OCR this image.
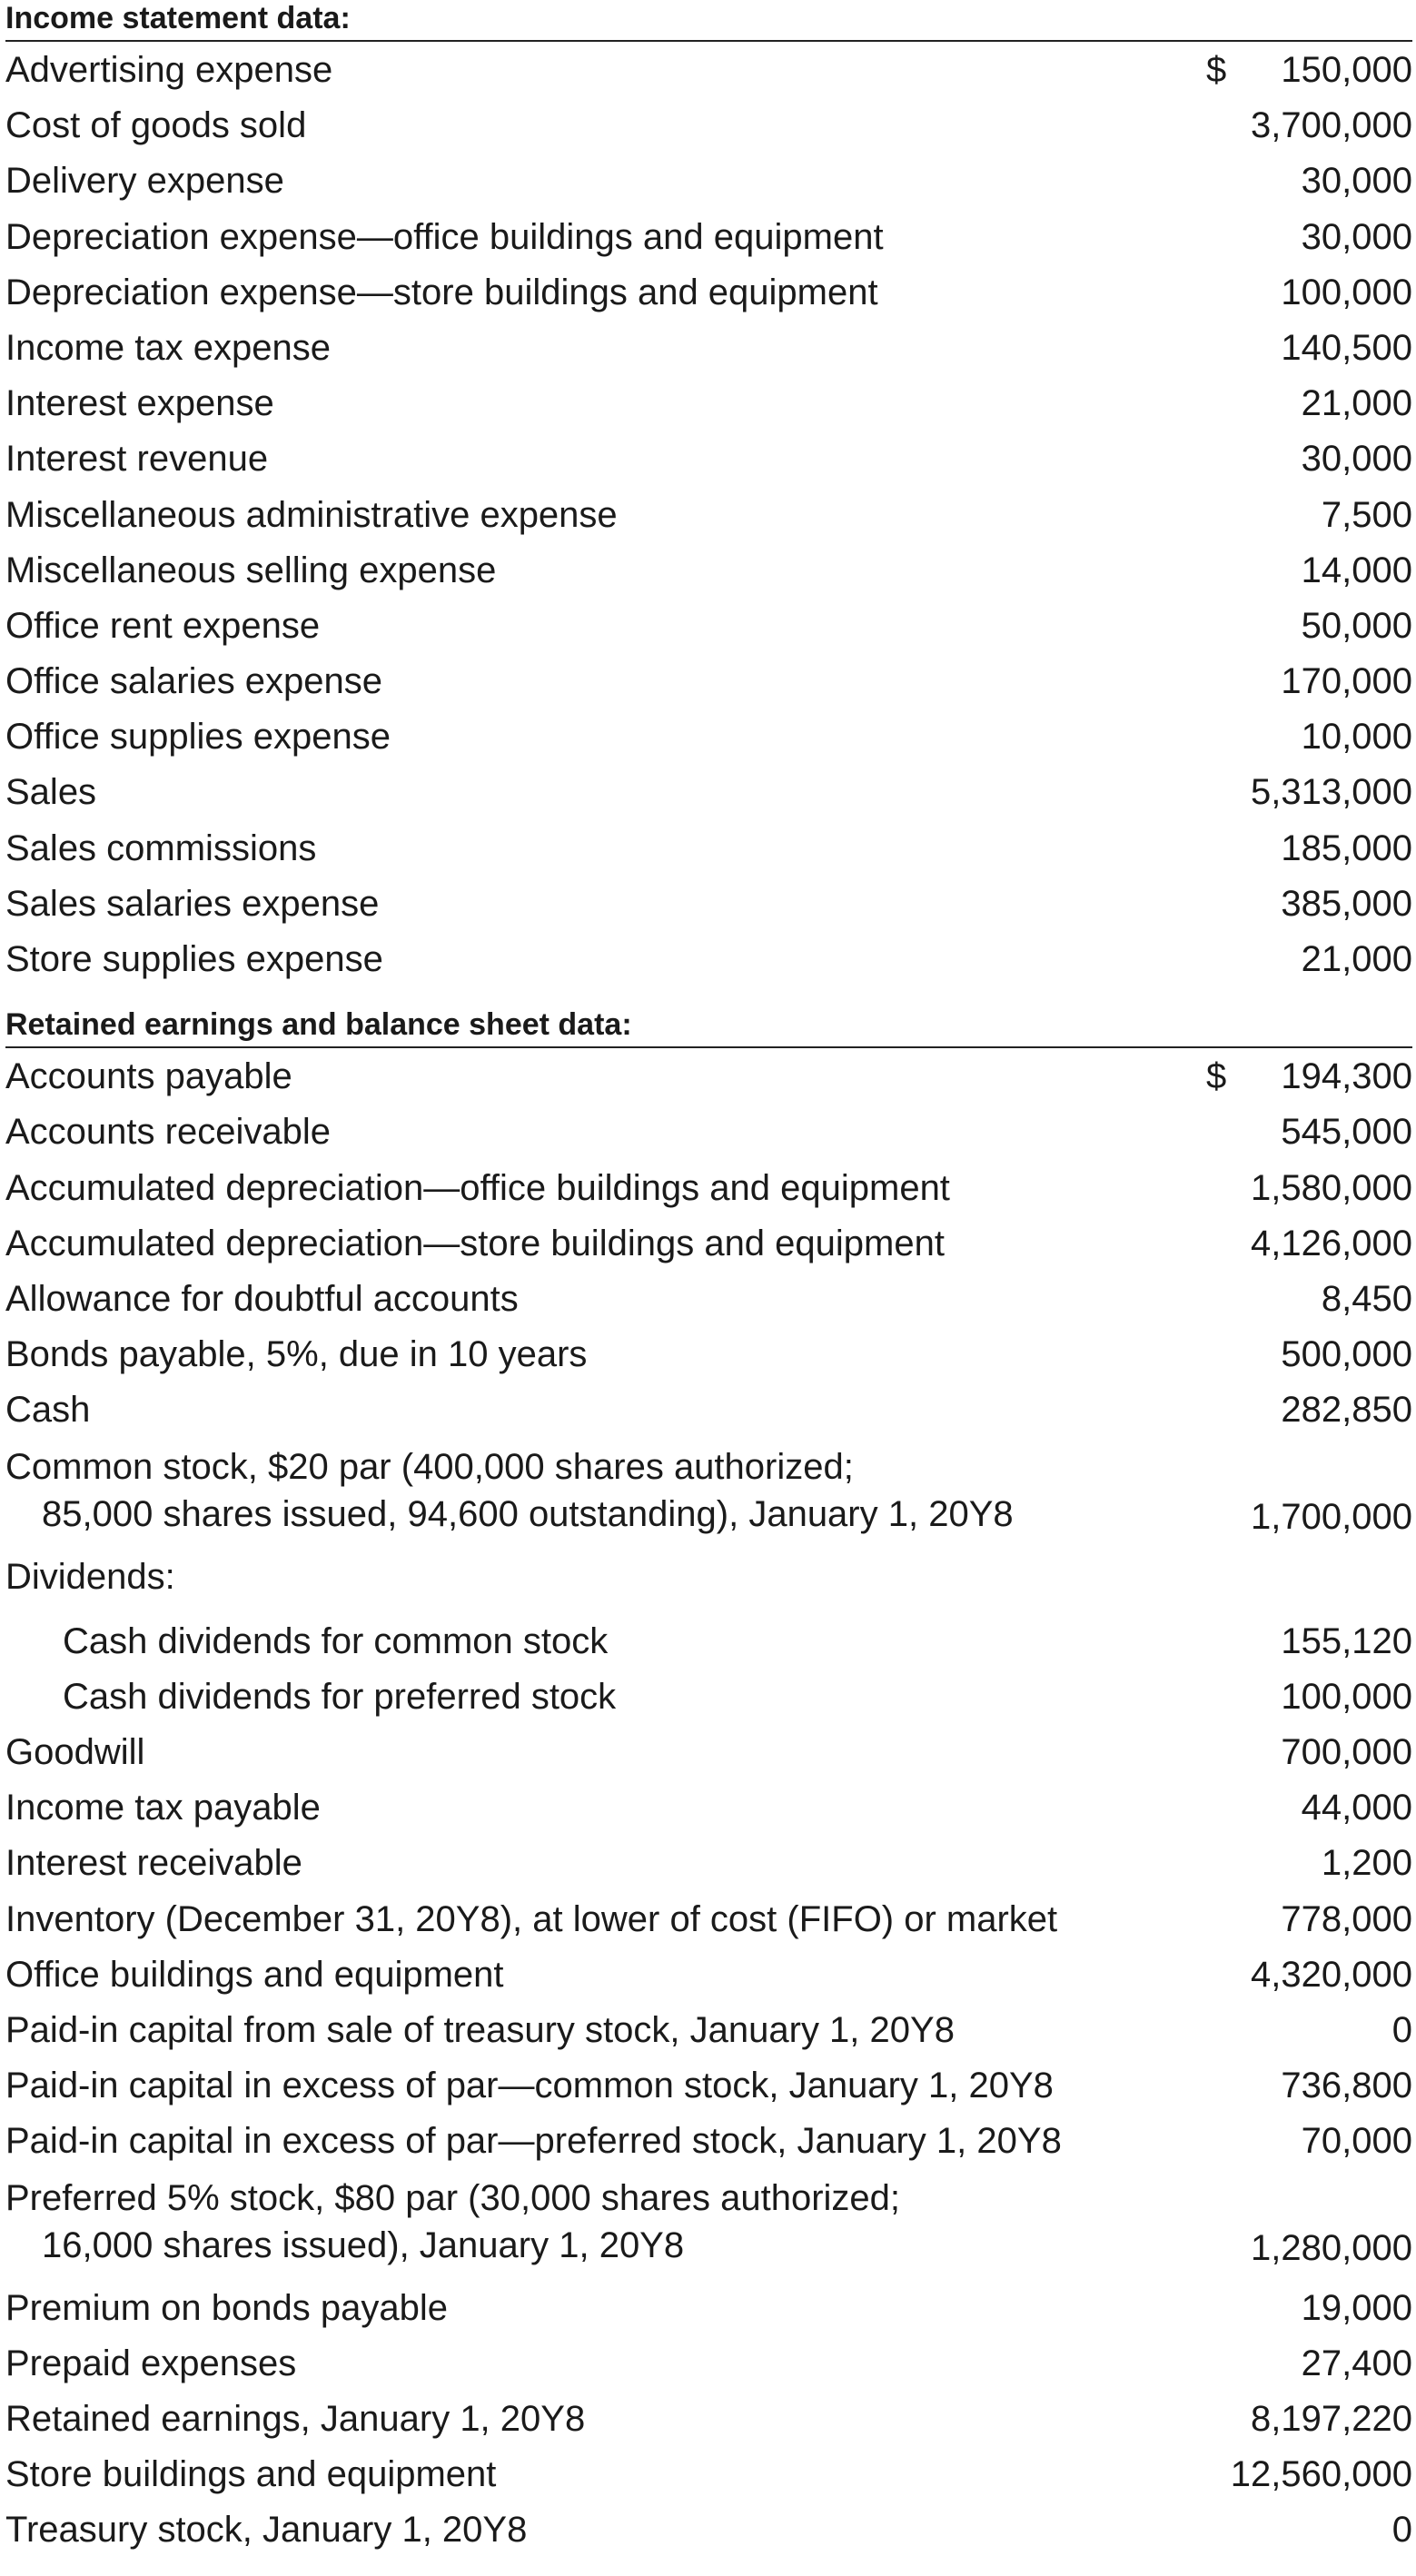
Income statement data:
Advertising expense	$ 150,000
Cost of goods sold	3,700,000
Delivery expense	30,000
Depreciation expense—office buildings and equipment	30,000
Depreciation expense—store buildings and equipment	100,000
Income tax expense	140,500
Interest expense	21,000
Interest revenue	30,000
Miscellaneous administrative expense	7,500
Miscellaneous selling expense	14,000
Office rent expense	50,000
Office salaries expense	170,000
Office supplies expense	10,000
Sales	5,313,000
Sales commissions	185,000
Sales salaries expense	385,000
Store supplies expense	21,000
Retained earnings and balance sheet data:
Accounts payable	$ 194,300
Accounts receivable	545,000
Accumulated depreciation—office buildings and equipment	1,580,000
Accumulated depreciation—store buildings and equipment	4,126,000
Allowance for doubtful accounts	8,450
Bonds payable, 5%, due in 10 years	500,000
Cash	282,850
Common stock, $20 par (400,000 shares authorized;
85,000 shares issued, 94,600 outstanding), January 1, 20Y8	1,700,000
Dividends:
Cash dividends for common stock	155,120
Cash dividends for preferred stock	100,000
Goodwill	700,000
Income tax payable	44,000
Interest receivable	1,200
Inventory (December 31, 20Y8), at lower of cost (FIFO) or market	778,000
Office buildings and equipment	4,320,000
Paid-in capital from sale of treasury stock, January 1, 20Y8	0
Paid-in capital in excess of par—common stock, January 1, 20Y8	736,800
Paid-in capital in excess of par—preferred stock, January 1, 20Y8	70,000
Preferred 5% stock, $80 par (30,000 shares authorized;
16,000 shares issued), January 1, 20Y8	1,280,000
Premium on bonds payable	19,000
Prepaid expenses	27,400
Retained earnings, January 1, 20Y8	8,197,220
Store buildings and equipment	12,560,000
Treasury stock, January 1, 20Y8	0
